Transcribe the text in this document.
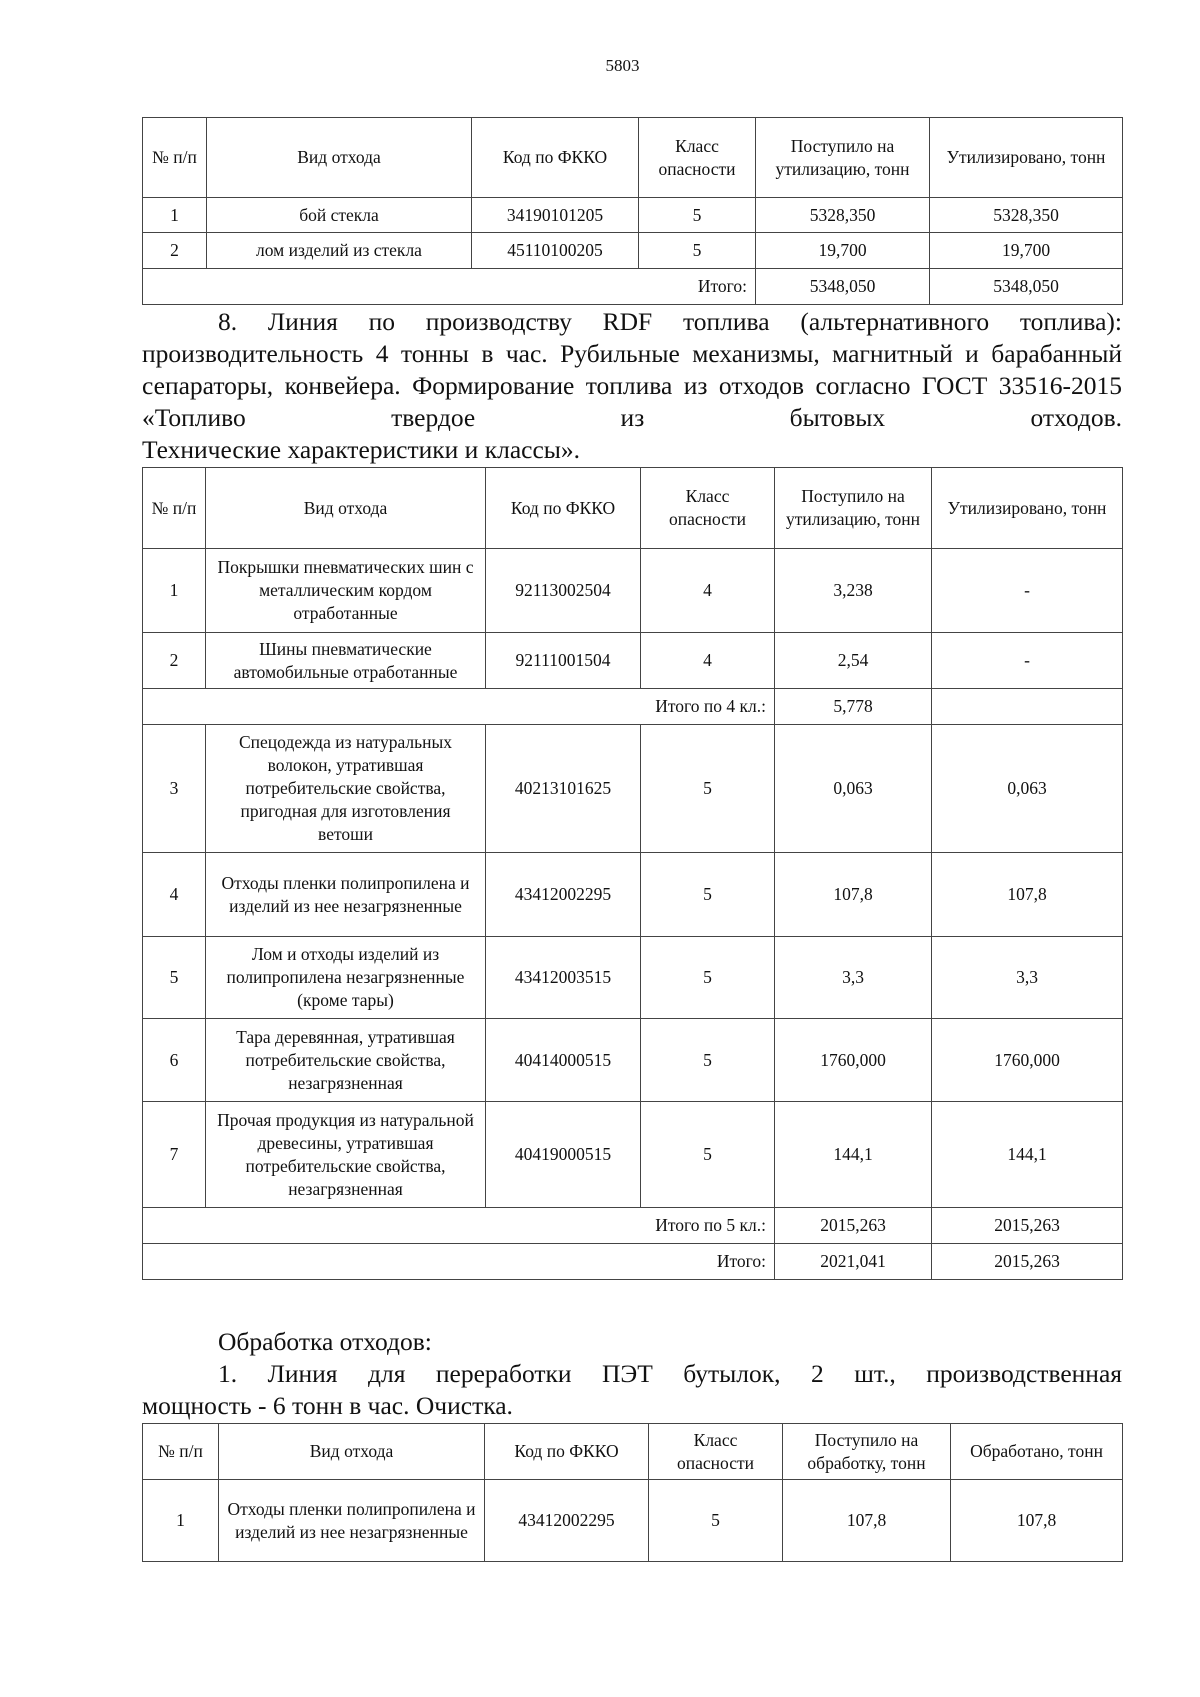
5803
№ п/п	Вид отхода	Код по ФККО	Класс опасности	Поступило на утилизацию, тонн	Утилизировано, тонн
1	бой стекла	34190101205	5	5328,350	5328,350
2	лом изделий из стекла	45110100205	5	19,700	19,700
Итого:				5348,050	5348,050

8. Линия по производству RDF топлива (альтернативного топлива): производительность 4 тонны в час. Рубильные механизмы, магнитный и барабанный сепараторы, конвейера. Формирование топлива из отходов согласно ГОСТ 33516-2015 «Топливо твердое из бытовых отходов.

Технические характеристики и классы».

№ п/п	Вид отхода	Код по ФККО	Класс опасности	Поступило на утилизацию, тонн	Утилизировано, тонн
1	Покрышки пневматических шин с металлическим кордом отработанные	92113002504	4	3,238	-
2	Шины пневматические автомобильные отработанные	92111001504	4	2,54	-
Итого по 4 кл.:				5,778	
3	Спецодежда из натуральных волокон, утратившая потребительские свойства, пригодная для изготовления ветоши	40213101625	5	0,063	0,063
4	Отходы пленки полипропилена и изделий из нее незагрязненные	43412002295	5	107,8	107,8
5	Лом и отходы изделий из полипропилена незагрязненные (кроме тары)	43412003515	5	3,3	3,3
6	Тара деревянная, утратившая потребительские свойства, незагрязненная	40414000515	5	1760,000	1760,000
7	Прочая продукция из натуральной древесины, утратившая потребительские свойства, незагрязненная	40419000515	5	144,1	144,1
Итого по 5 кл.:				2015,263	2015,263
Итого:				2021,041	2015,263

Обработка отходов:

1. Линия для переработки ПЭТ бутылок, 2 шт., производственная

мощность - 6 тонн в час. Очистка.

№ п/п	Вид отхода	Код по ФККО	Класс опасности	Поступило на обработку, тонн	Обработано, тонн
1	Отходы пленки полипропилена и изделий из нее незагрязненные	43412002295	5	107,8	107,8
